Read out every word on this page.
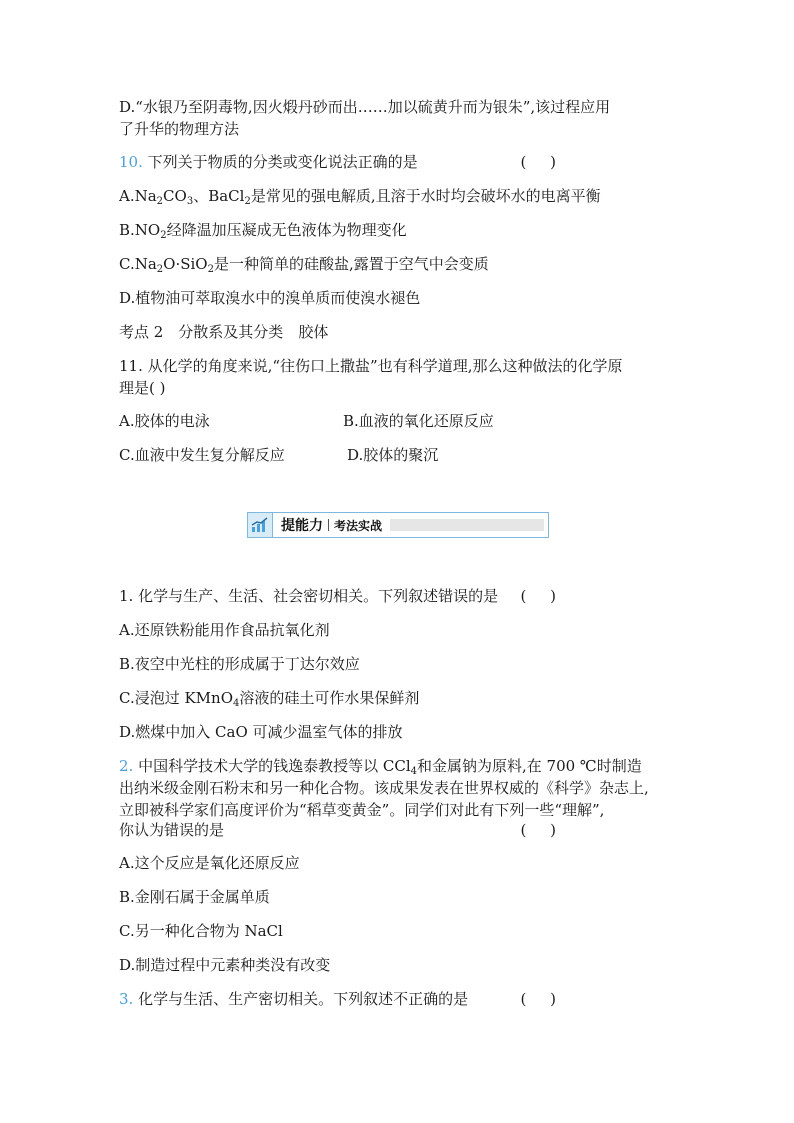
D.“水银乃至阴毒物,因火煅丹砂而出……加以硫黄升而为银朱”,该过程应用
了升华的物理方法
10. 下列关于物质的分类或变化说法正确的是	(     )
$A.Na_2CO_3$、BaCl$_2$是常见的强电解质,且溶于水时均会破坏水的电离平衡
$B.NO_2$经降温加压凝成无色液体为物理变化
$C.Na_2O\cdot SiO_2$是一种简单的硅酸盐,露置于空气中会变质
D.植物油可萃取溴水中的溴单质而使溴水褪色
考点 2　分散系及其分类　胶体
11. 从化学的角度来说,“往伤口上撒盐”也有科学道理,那么这种做法的化学原
理是( )
A.胶体的电泳	B.血液的氧化还原反应
C.血液中发生复分解反应	D.胶体的聚沉
提能力 考法实战
1. 化学与生产、生活、社会密切相关。下列叙述错误的是 (     )
A.还原铁粉能用作食品抗氧化剂
B.夜空中光柱的形成属于丁达尔效应
C.浸泡过 KMnO$_4$溶液的硅土可作水果保鲜剂
D.燃煤中加入 CaO 可减少温室气体的排放
2. 中国科学技术大学的钱逸泰教授等以 CCl$_4$和金属钠为原料,在 700 ℃时制造
出纳米级金刚石粉末和另一种化合物。该成果发表在世界权威的《科学》杂志上,
立即被科学家们高度评价为“稻草变黄金”。同学们对此有下列一些“理解”,
你认为错误的是	(     )
A.这个反应是氧化还原反应
B.金刚石属于金属单质
C.另一种化合物为 NaCl
D.制造过程中元素种类没有改变
3. 化学与生活、生产密切相关。下列叙述不正确的是	(     )
